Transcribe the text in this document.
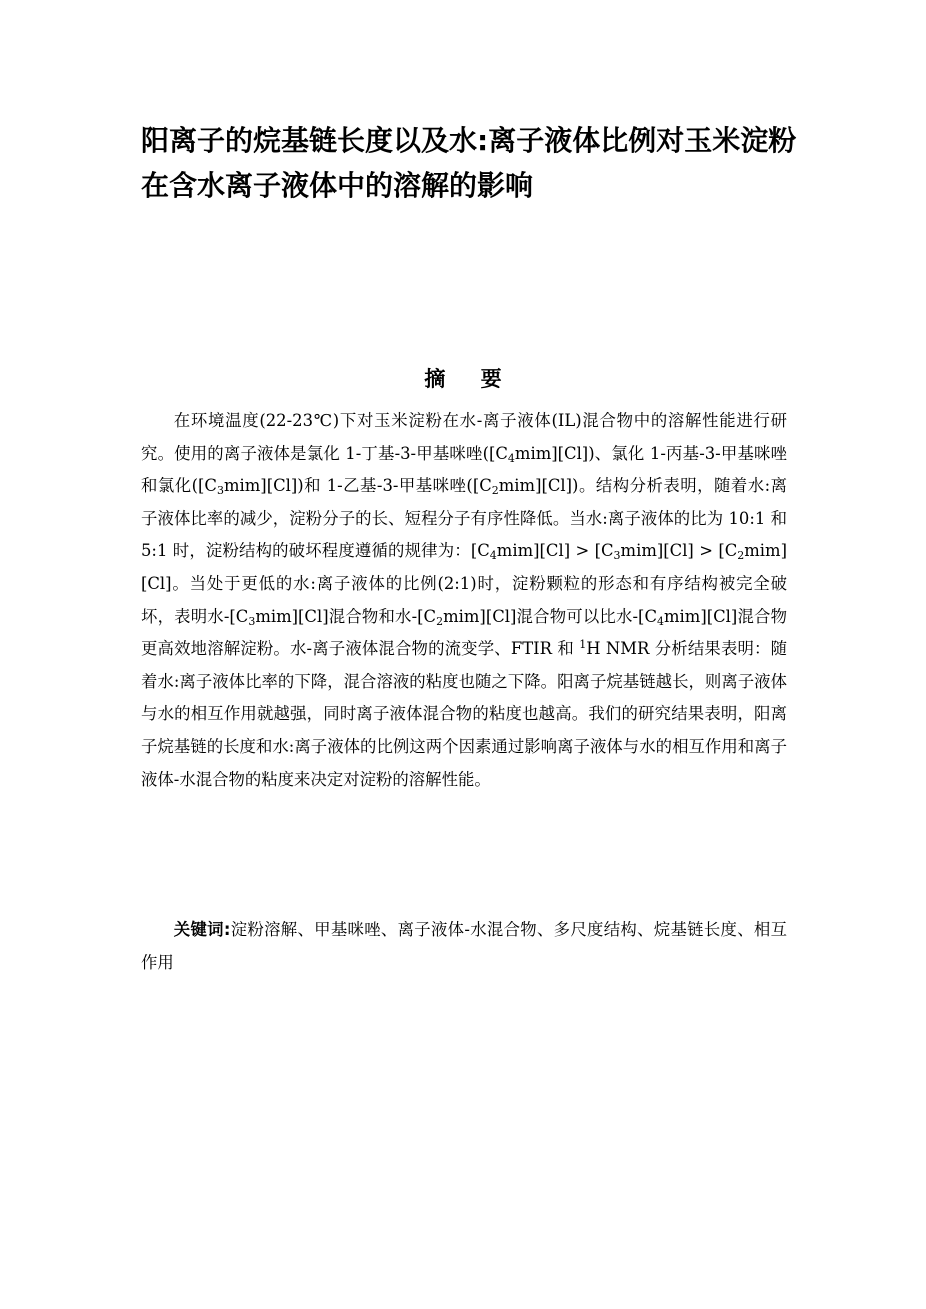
阳离子的烷基链长度以及水:离子液体比例对玉米淀粉在含水离子液体中的溶解的影响
摘 要

在环境温度(22-23℃)下对玉米淀粉在水-离子液体(IL)混合物中的溶解性能进行研究。使用的离子液体是氯化 1-丁基-3-甲基咪唑$([C_4mim][Cl])$、氯化 1-丙基-3-甲基咪唑和氯化$([C_3mim][Cl])$和 1-乙基-3-甲基咪唑$([C_2mim][Cl])$。结构分析表明，随着水:离子液体比率的减少，淀粉分子的长、短程分子有序性降低。当水:离子液体的比为 10:1 和 5:1 时，淀粉结构的破坏程度遵循的规律为：$[C_4mim][Cl] > [C_3mim][Cl] > [C_2mim][Cl]$。当处于更低的水:离子液体的比例(2:1)时，淀粉颗粒的形态和有序结构被完全破坏，表明水$-[C_3mim][Cl]$混合物和水$-[C_2mim][Cl]$混合物可以比水$-[C_4mim][Cl]$混合物更高效地溶解淀粉。水-离子液体混合物的流变学、FTIR 和 $^1$H NMR 分析结果表明：随着水:离子液体比率的下降，混合溶液的粘度也随之下降。阳离子烷基链越长，则离子液体与水的相互作用就越强，同时离子液体混合物的粘度也越高。我们的研究结果表明，阳离子烷基链的长度和水:离子液体的比例这两个因素通过影响离子液体与水的相互作用和离子液体-水混合物的粘度来决定对淀粉的溶解性能。

关键词:淀粉溶解、甲基咪唑、离子液体-水混合物、多尺度结构、烷基链长度、相互作用
